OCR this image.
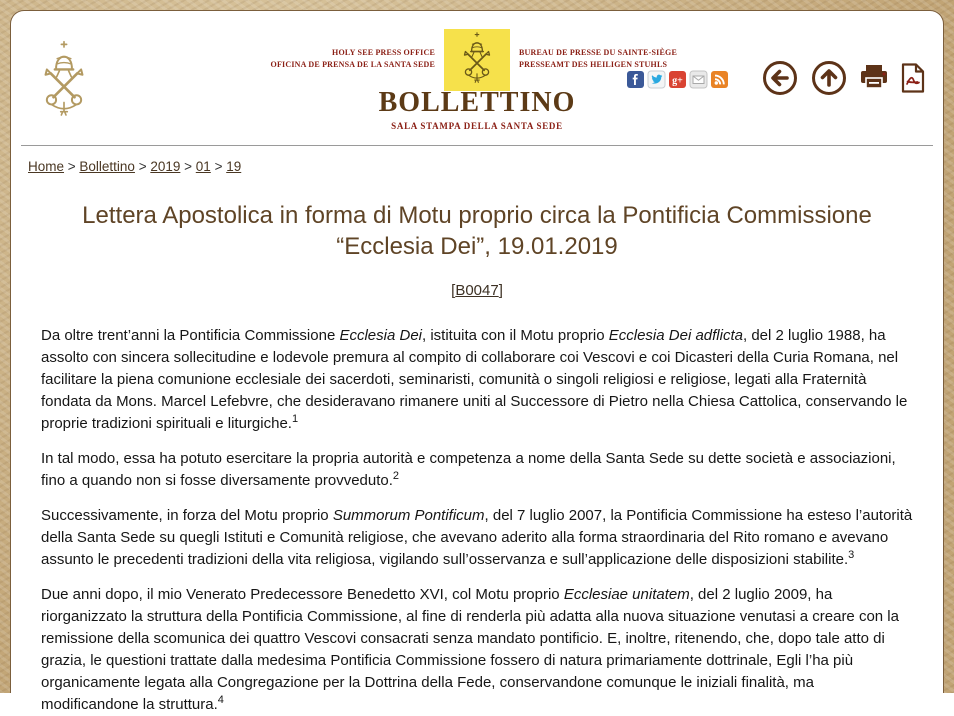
HOLY SEE PRESS OFFICE
OFICINA DE PRENSA DE LA SANTA SEDE
BUREAU DE PRESSE DU SAINTE-SIÈGE
PRESSEAMT DES HEILIGEN STUHLS
BOLLETTINO
SALA STAMPA DELLA SANTA SEDE
g+
Home > Bollettino > 2019 > 01 > 19
Lettera Apostolica in forma di Motu proprio circa la Pontificia Commissione
“Ecclesia Dei”, 19.01.2019
[B0047]

Da oltre trent’anni la Pontificia Commissione Ecclesia Dei, istituita con il Motu proprio Ecclesia Dei adflicta, del 2 luglio 1988, ha assolto con sincera sollecitudine e lodevole premura al compito di collaborare coi Vescovi e coi Dicasteri della Curia Romana, nel facilitare la piena comunione ecclesiale dei sacerdoti, seminaristi, comunità o singoli religiosi e religiose, legati alla Fraternità fondata da Mons. Marcel Lefebvre, che desideravano rimanere uniti al Successore di Pietro nella Chiesa Cattolica, conservando le proprie tradizioni spirituali e liturgiche.$^1$

In tal modo, essa ha potuto esercitare la propria autorità e competenza a nome della Santa Sede su dette società e associazioni, fino a quando non si fosse diversamente provveduto.$^2$

Successivamente, in forza del Motu proprio Summorum Pontificum, del 7 luglio 2007, la Pontificia Commissione ha esteso l’autorità della Santa Sede su quegli Istituti e Comunità religiose, che avevano aderito alla forma straordinaria del Rito romano e avevano assunto le precedenti tradizioni della vita religiosa, vigilando sull’osservanza e sull’applicazione delle disposizioni stabilite.$^3$

Due anni dopo, il mio Venerato Predecessore Benedetto XVI, col Motu proprio Ecclesiae unitatem, del 2 luglio 2009, ha riorganizzato la struttura della Pontificia Commissione, al fine di renderla più adatta alla nuova situazione venutasi a creare con la remissione della scomunica dei quattro Vescovi consacrati senza mandato pontificio. E, inoltre, ritenendo, che, dopo tale atto di grazia, le questioni trattate dalla medesima Pontificia Commissione fossero di natura primariamente dottrinale, Egli l’ha più organicamente legata alla Congregazione per la Dottrina della Fede, conservandone comunque le iniziali finalità, ma modificandone la struttura.$^4$
